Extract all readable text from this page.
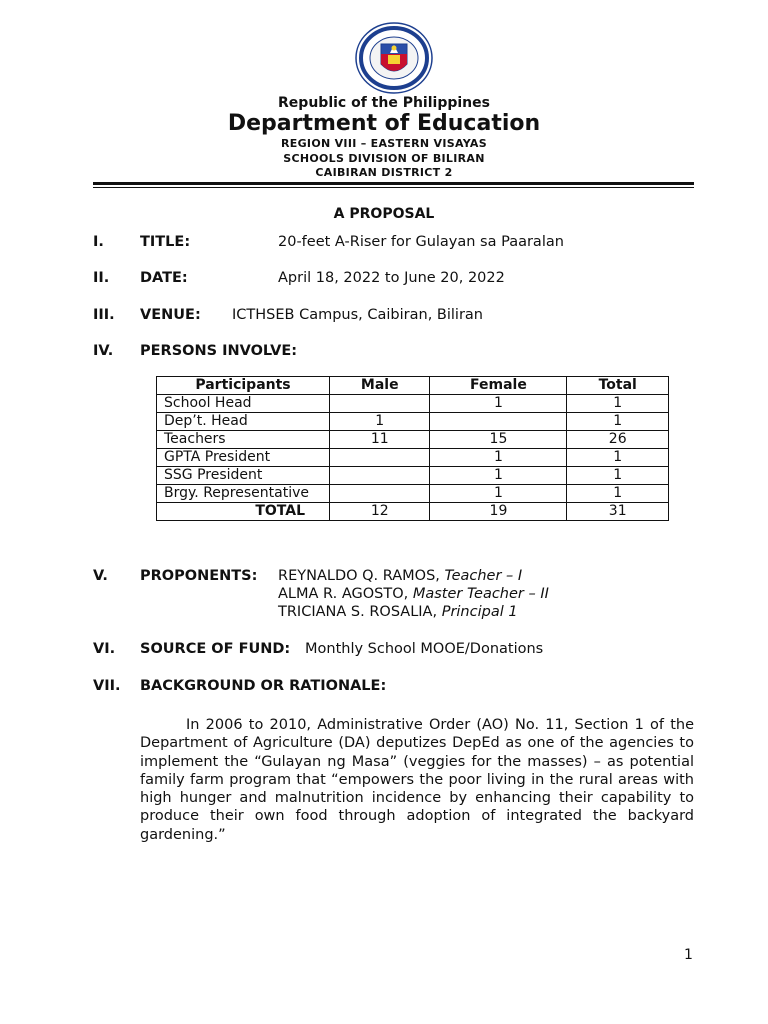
Republic of the Philippines
Department of Education
REGION VIII – EASTERN VISAYAS
SCHOOLS DIVISION OF BILIRAN
CAIBIRAN DISTRICT 2
A PROPOSAL
I. TITLE:	20-feet A-Riser for Gulayan sa Paaralan
II. DATE:	April 18, 2022 to June 20, 2022
III. VENUE: ICTHSEB Campus, Caibiran, Biliran
IV. PERSONS INVOLVE:
Participants	Male	Female	Total
School Head		1	1
Dep’t. Head	1		1
Teachers	11	15	26
GPTA President		1	1
SSG President		1	1
Brgy. Representative		1	1
TOTAL	12	19	31
V. PROPONENTS: REYNALDO Q. RAMOS, Teacher – I
ALMA R. AGOSTO, Master Teacher – II
TRICIANA S. ROSALIA, Principal 1
VI. SOURCE OF FUND: Monthly School MOOE/Donations
VII. BACKGROUND OR RATIONALE:
In 2006 to 2010, Administrative Order (AO) No. 11, Section 1 of the Department of Agriculture (DA) deputizes DepEd as one of the agencies to implement the “Gulayan ng Masa” (veggies for the masses) – as potential family farm program that “empowers the poor living in the rural areas with high hunger and malnutrition incidence by enhancing their capability to produce their own food through adoption of integrated the backyard gardening.”
1
